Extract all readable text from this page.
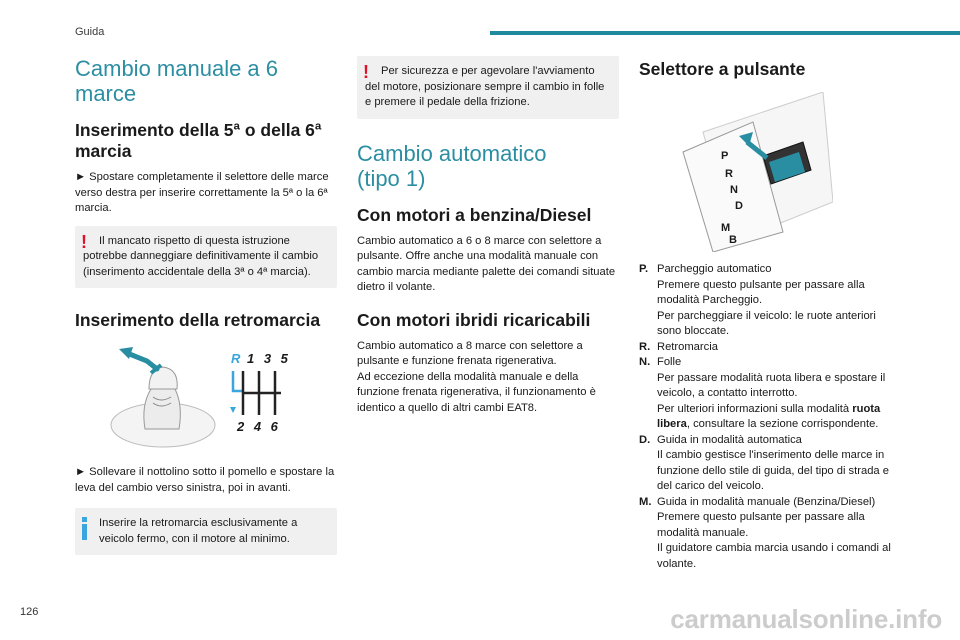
Guida
Cambio manuale a 6 marce
Inserimento della 5ª o della 6ª marcia
► Spostare completamente il selettore delle marce verso destra per inserire correttamente la 5ª o la 6ª marcia.
!	Il mancato rispetto di questa istruzione potrebbe danneggiare definitivamente il cambio (inserimento accidentale della 3ª o 4ª marcia).
Inserimento della retromarcia
R 1 3 5
2 4 6
► Sollevare il nottolino sotto il pomello e spostare la leva del cambio verso sinistra, poi in avanti.
Inserire la retromarcia esclusivamente a veicolo fermo, con il motore al minimo.
!	Per sicurezza e per agevolare l'avviamento del motore, posizionare sempre il cambio in folle e premere il pedale della frizione.
Cambio automatico (tipo 1)
Con motori a benzina/Diesel
Cambio automatico a 6 o 8 marce con selettore a pulsante. Offre anche una modalità manuale con cambio marcia mediante palette dei comandi situate dietro il volante.
Con motori ibridi ricaricabili
Cambio automatico a 8 marce con selettore a pulsante e funzione frenata rigenerativa.
Ad eccezione della modalità manuale e della funzione frenata rigenerativa, il funzionamento è identico a quello di altri cambi EAT8.
Selettore a pulsante
P
R
N
D
M
B
P. Parcheggio automatico
Premere questo pulsante per passare alla modalità Parcheggio.
Per parcheggiare il veicolo: le ruote anteriori sono bloccate.
R. Retromarcia
N. Folle
Per passare modalità ruota libera e spostare il veicolo, a contatto interrotto.
Per ulteriori informazioni sulla modalità ruota libera, consultare la sezione corrispondente.
D. Guida in modalità automatica
Il cambio gestisce l'inserimento delle marce in funzione dello stile di guida, del tipo di strada e del carico del veicolo.
M. Guida in modalità manuale (Benzina/Diesel)
Premere questo pulsante per passare alla modalità manuale.
Il guidatore cambia marcia usando i comandi al volante.
126	carmanualsonline.info
